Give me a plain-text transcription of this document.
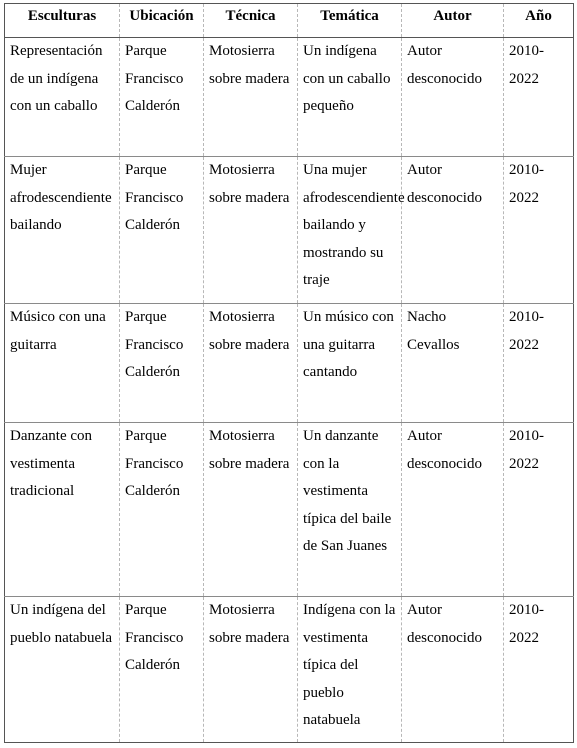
Esculturas	Ubicación	Técnica	Temática	Autor	Año

Representación de un indígena con un caballo	Parque Francisco Calderón	Motosierra sobre madera	Un indígena con un caballo pequeño	Autor desconocido	2010-2022

Mujer afrodescendiente bailando	Parque Francisco Calderón	Motosierra sobre madera	Una mujer afrodescendiente bailando y mostrando su traje	Autor desconocido	2010-2022

Músico con una guitarra	Parque Francisco Calderón	Motosierra sobre madera	Un músico con una guitarra cantando	Nacho Cevallos	2010-2022

Danzante con vestimenta tradicional	Parque Francisco Calderón	Motosierra sobre madera	Un danzante con la vestimenta típica del baile de San Juanes	Autor desconocido	2010-2022

Un indígena del pueblo natabuela	Parque Francisco Calderón	Motosierra sobre madera	Indígena con la vestimenta típica del pueblo natabuela	Autor desconocido	2010-2022
